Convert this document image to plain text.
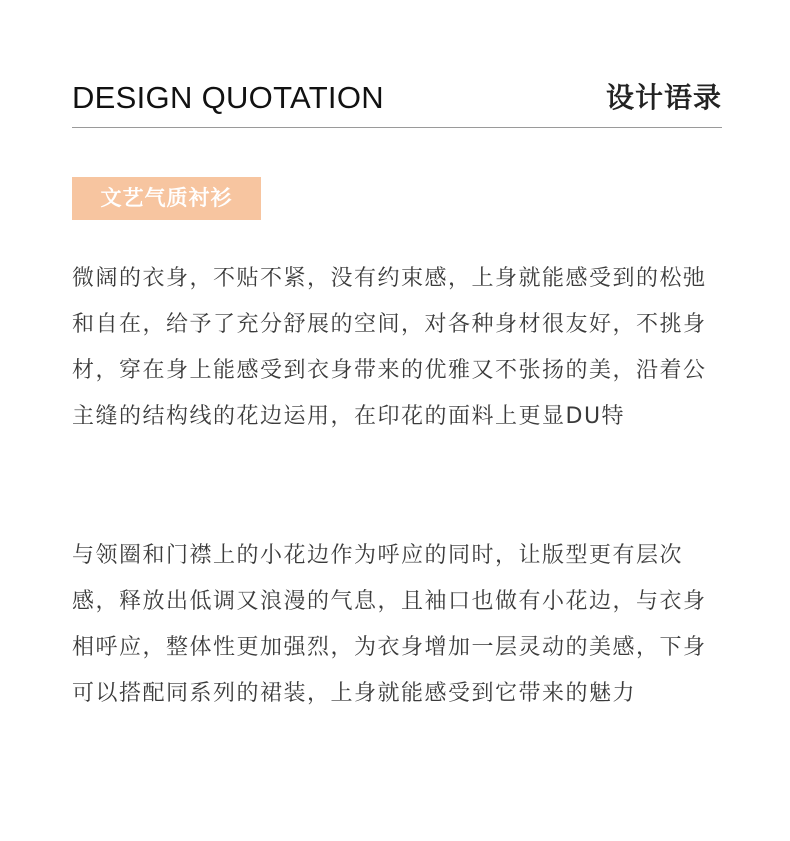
DESIGN QUOTATION	设计语录
文艺气质衬衫

微阔的衣身，不贴不紧，没有约束感，上身就能感受到的松弛和自在，给予了充分舒展的空间，对各种身材很友好，不挑身材，穿在身上能感受到衣身带来的优雅又不张扬的美，沿着公主缝的结构线的花边运用，在印花的面料上更显DU特

与领圈和门襟上的小花边作为呼应的同时，让版型更有层次感，释放出低调又浪漫的气息，且袖口也做有小花边，与衣身相呼应，整体性更加强烈，为衣身增加一层灵动的美感，下身可以搭配同系列的裙装，上身就能感受到它带来的魅力
